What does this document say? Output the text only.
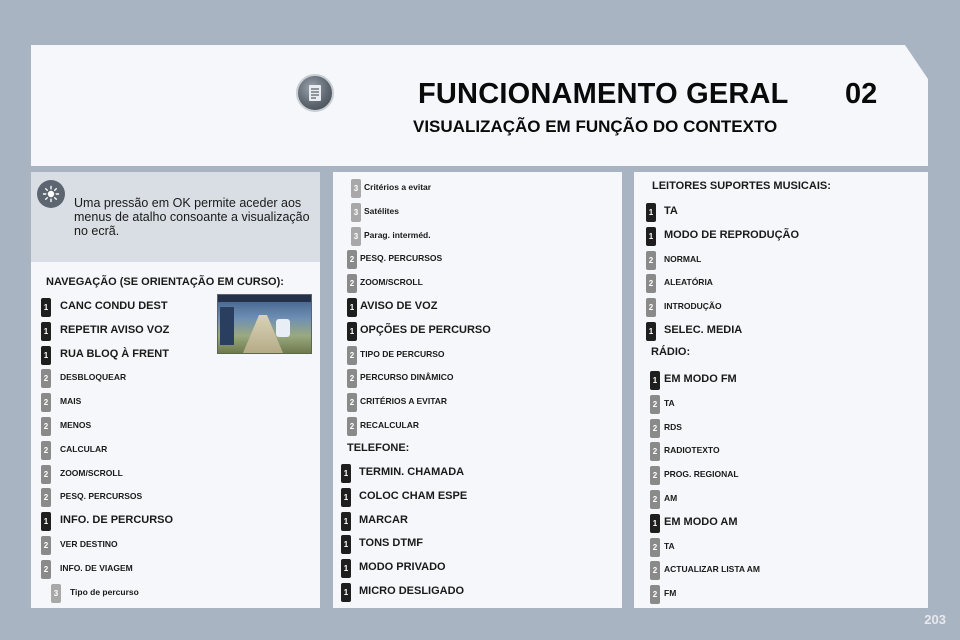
FUNCIONAMENTO GERAL	02
VISUALIZAÇÃO EM FUNÇÃO DO CONTEXTO
Uma pressão em OK permite aceder aos menus de atalho consoante a visualização no ecrã.
NAVEGAÇÃO (SE ORIENTAÇÃO EM CURSO):
TELEFONE:
LEITORES SUPORTES MUSICAIS:
RÁDIO:
203
1 CANC CONDU DEST
1 REPETIR AVISO VOZ
1 RUA BLOQ À FRENT
2	DESBLOQUEAR
2	MAIS
2	MENOS
2	CALCULAR
2	ZOOM/SCROLL
2	PESQ. PERCURSOS
1 INFO. DE PERCURSO
2	VER DESTINO
2	INFO. DE VIAGEM
3	Tipo de percurso
3 Critérios a evitar
3 Satélites
3 Parag. interméd.
2 PESQ. PERCURSOS
2 ZOOM/SCROLL
1 AVISO DE VOZ
1 OPÇÕES DE PERCURSO
2 TIPO DE PERCURSO
2 PERCURSO DINÂMICO
2 CRITÉRIOS A EVITAR
2 RECALCULAR
1 TERMIN. CHAMADA
1 COLOC CHAM ESPE
1 MARCAR
1 TONS DTMF
1 MODO PRIVADO
1 MICRO DESLIGADO
1 TA
1 MODO DE REPRODUÇÃO
2	NORMAL
2	ALEATÓRIA
2	INTRODUÇÃO
1 SELEC. MEDIA
1 EM MODO FM
2 TA
2 RDS
2 RADIOTEXTO
2 PROG. REGIONAL
2 AM
1 EM MODO AM
2 TA
2 ACTUALIZAR LISTA AM
2 FM
